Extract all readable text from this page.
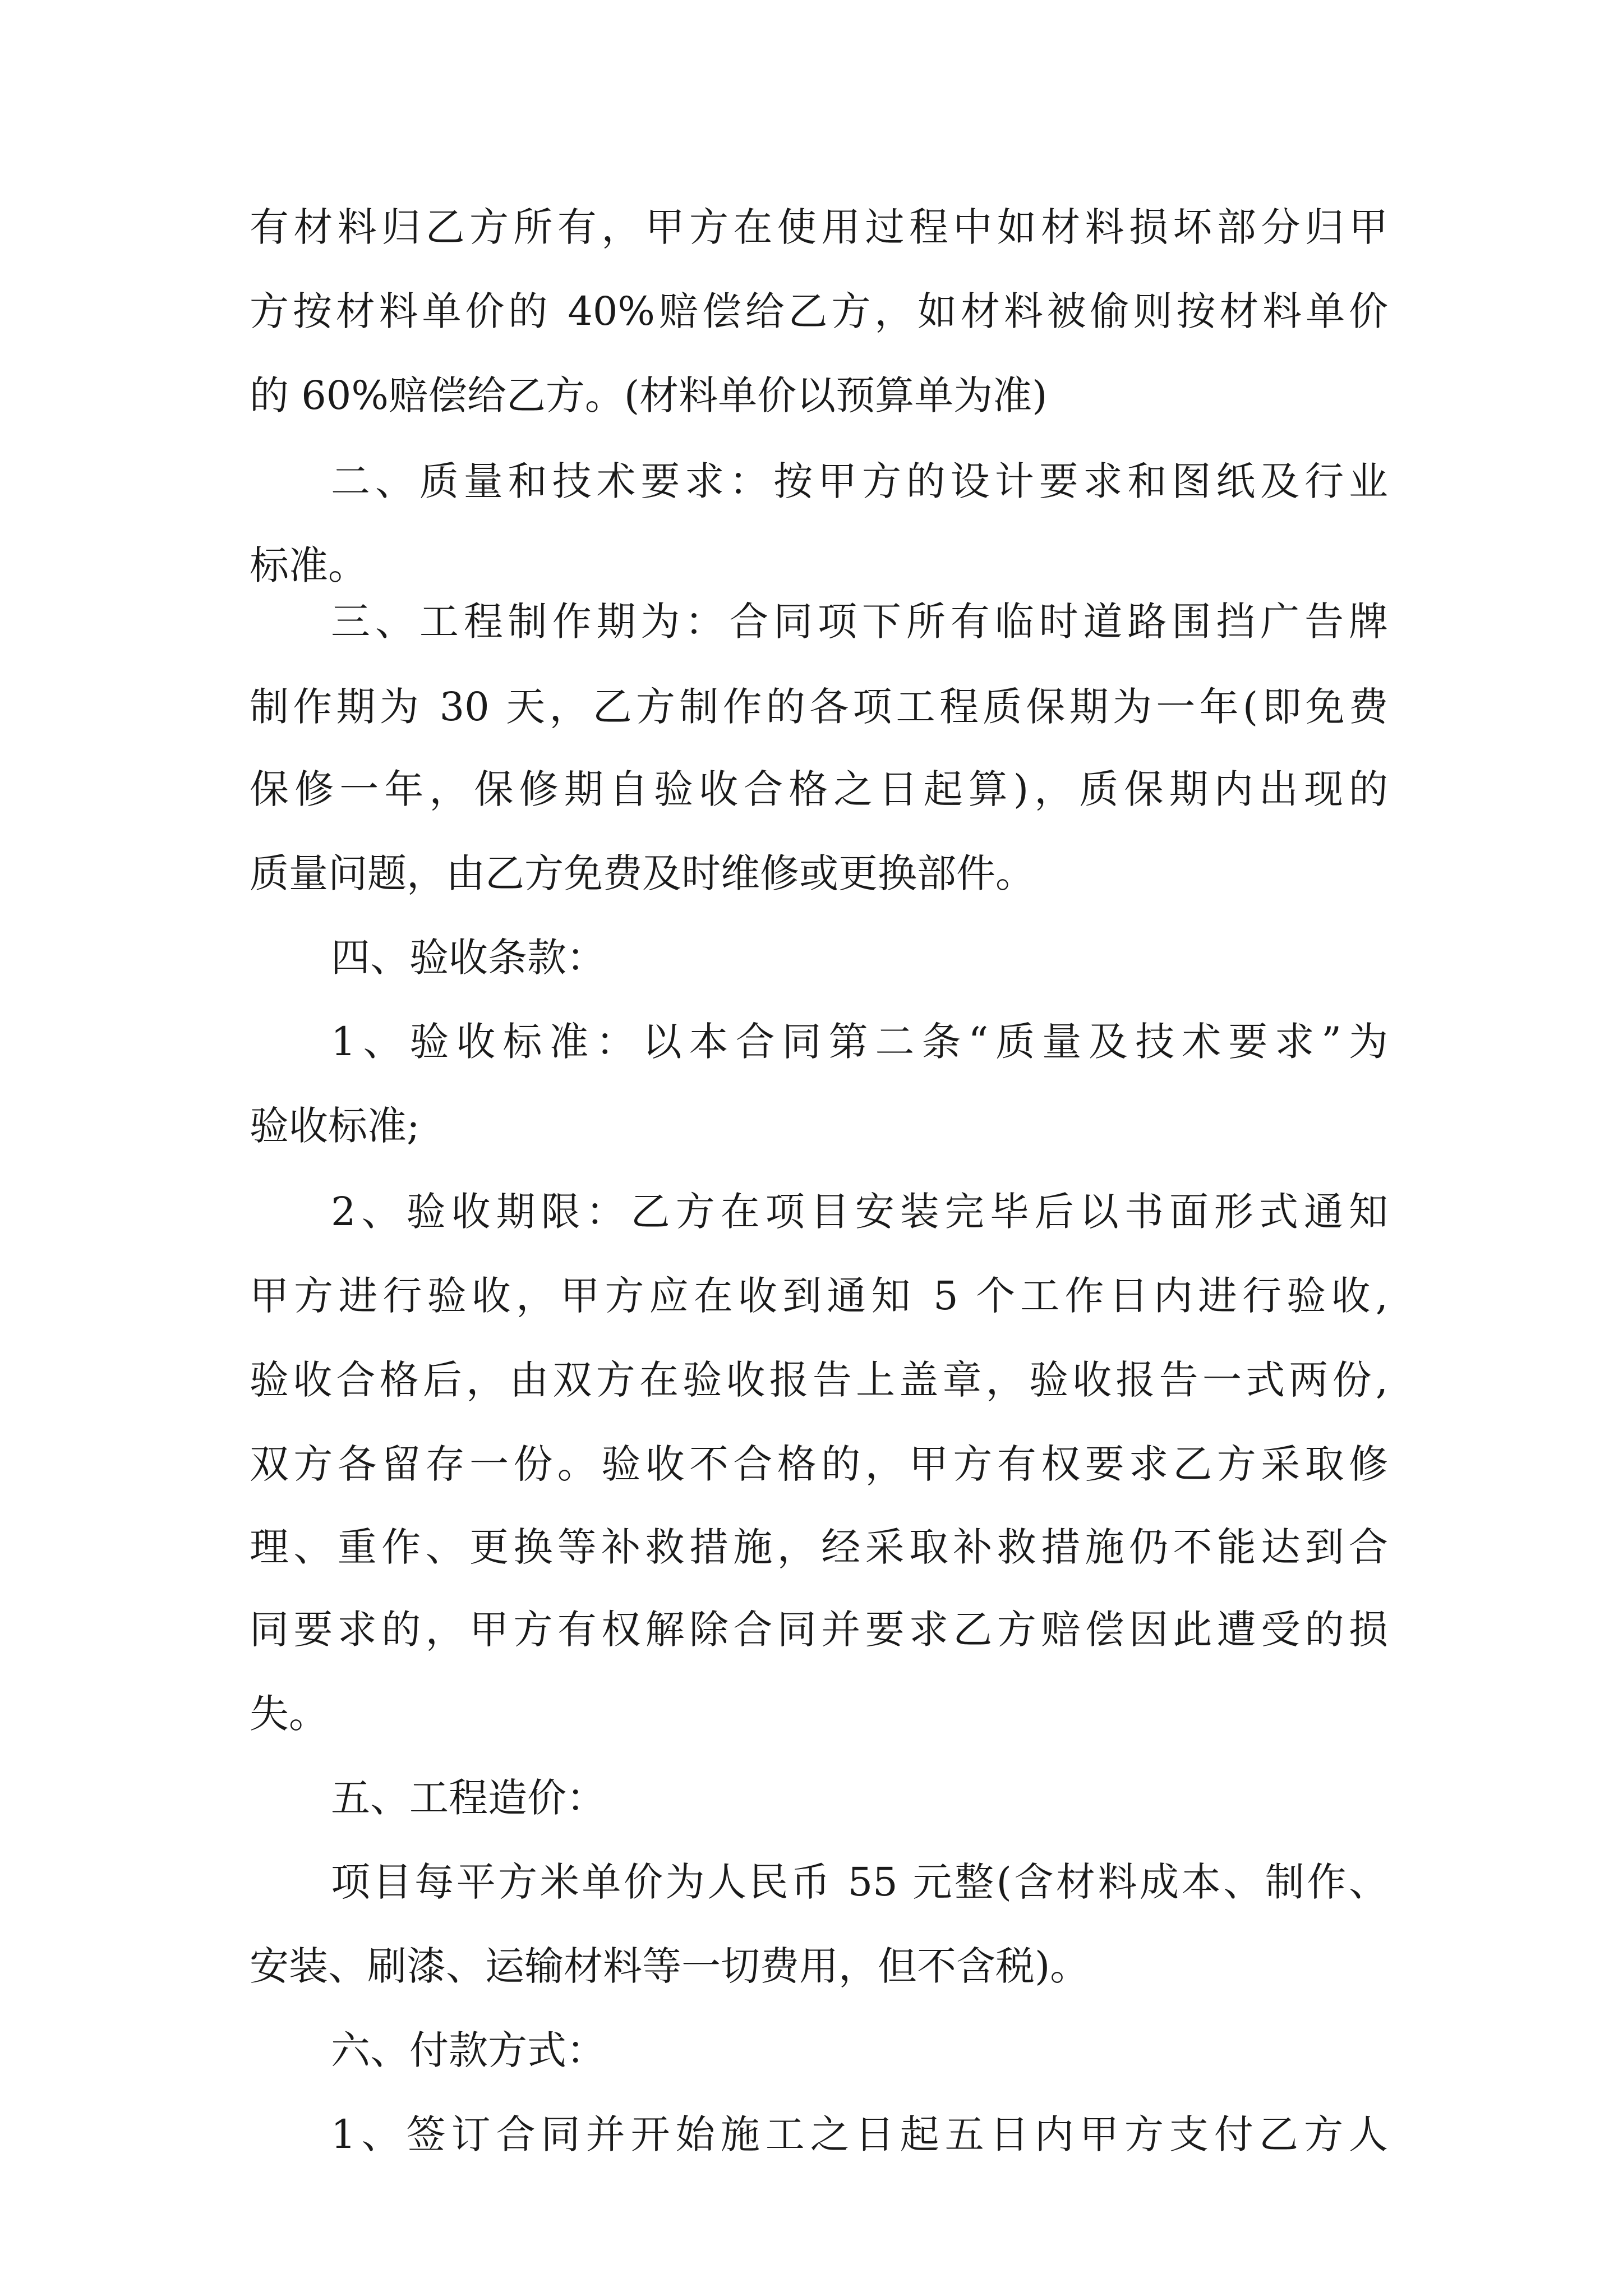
有材料归乙方所有，甲方在使用过程中如材料损坏部分归甲

方按材料单价的 40%赔偿给乙方，如材料被偷则按材料单价

的 60%赔偿给乙方。(材料单价以预算单为准)

二、质量和技术要求：按甲方的设计要求和图纸及行业

标准。

三、工程制作期为：合同项下所有临时道路围挡广告牌

制作期为 30 天，乙方制作的各项工程质保期为一年(即免费

保修一年，保修期自验收合格之日起算)，质保期内出现的

质量问题，由乙方免费及时维修或更换部件。

四、验收条款：

1、验收标准：以本合同第二条“质量及技术要求”为

验收标准;

2、验收期限：乙方在项目安装完毕后以书面形式通知

甲方进行验收，甲方应在收到通知 5 个工作日内进行验收,

验收合格后，由双方在验收报告上盖章，验收报告一式两份,

双方各留存一份。验收不合格的，甲方有权要求乙方采取修

理、重作、更换等补救措施，经采取补救措施仍不能达到合

同要求的，甲方有权解除合同并要求乙方赔偿因此遭受的损

失。

五、工程造价：

项目每平方米单价为人民币 55 元整(含材料成本、制作、

安装、刷漆、运输材料等一切费用，但不含税)。

六、付款方式：

1、签订合同并开始施工之日起五日内甲方支付乙方人
